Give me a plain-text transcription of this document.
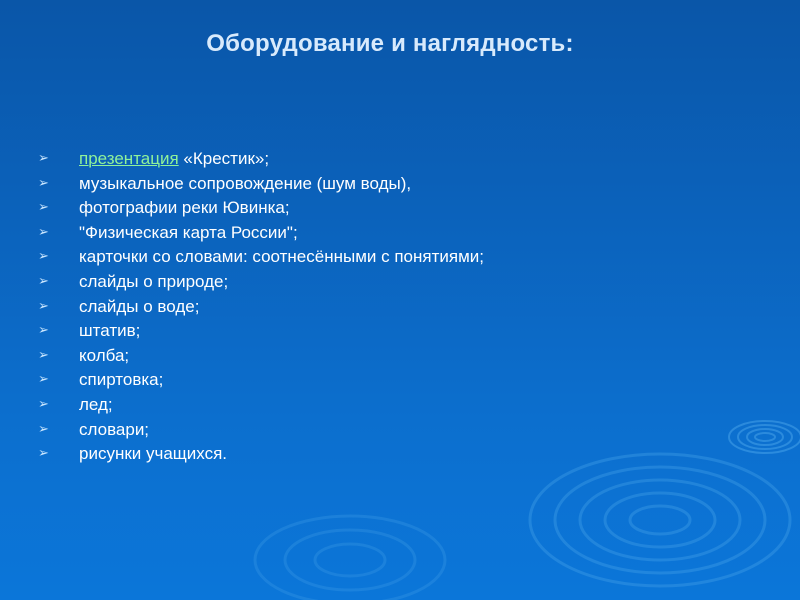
Оборудование и наглядность:
➢ презентация «Крестик»;
➢ музыкальное сопровождение (шум воды),
➢ фотографии реки Ювинка;
➢ "Физическая карта России";
➢ карточки со словами: соотнесёнными с понятиями;
➢ слайды о природе;
➢ слайды о воде;
➢ штатив;
➢ колба;
➢ спиртовка;
➢ лед;
➢ словари;
➢ рисунки учащихся.
